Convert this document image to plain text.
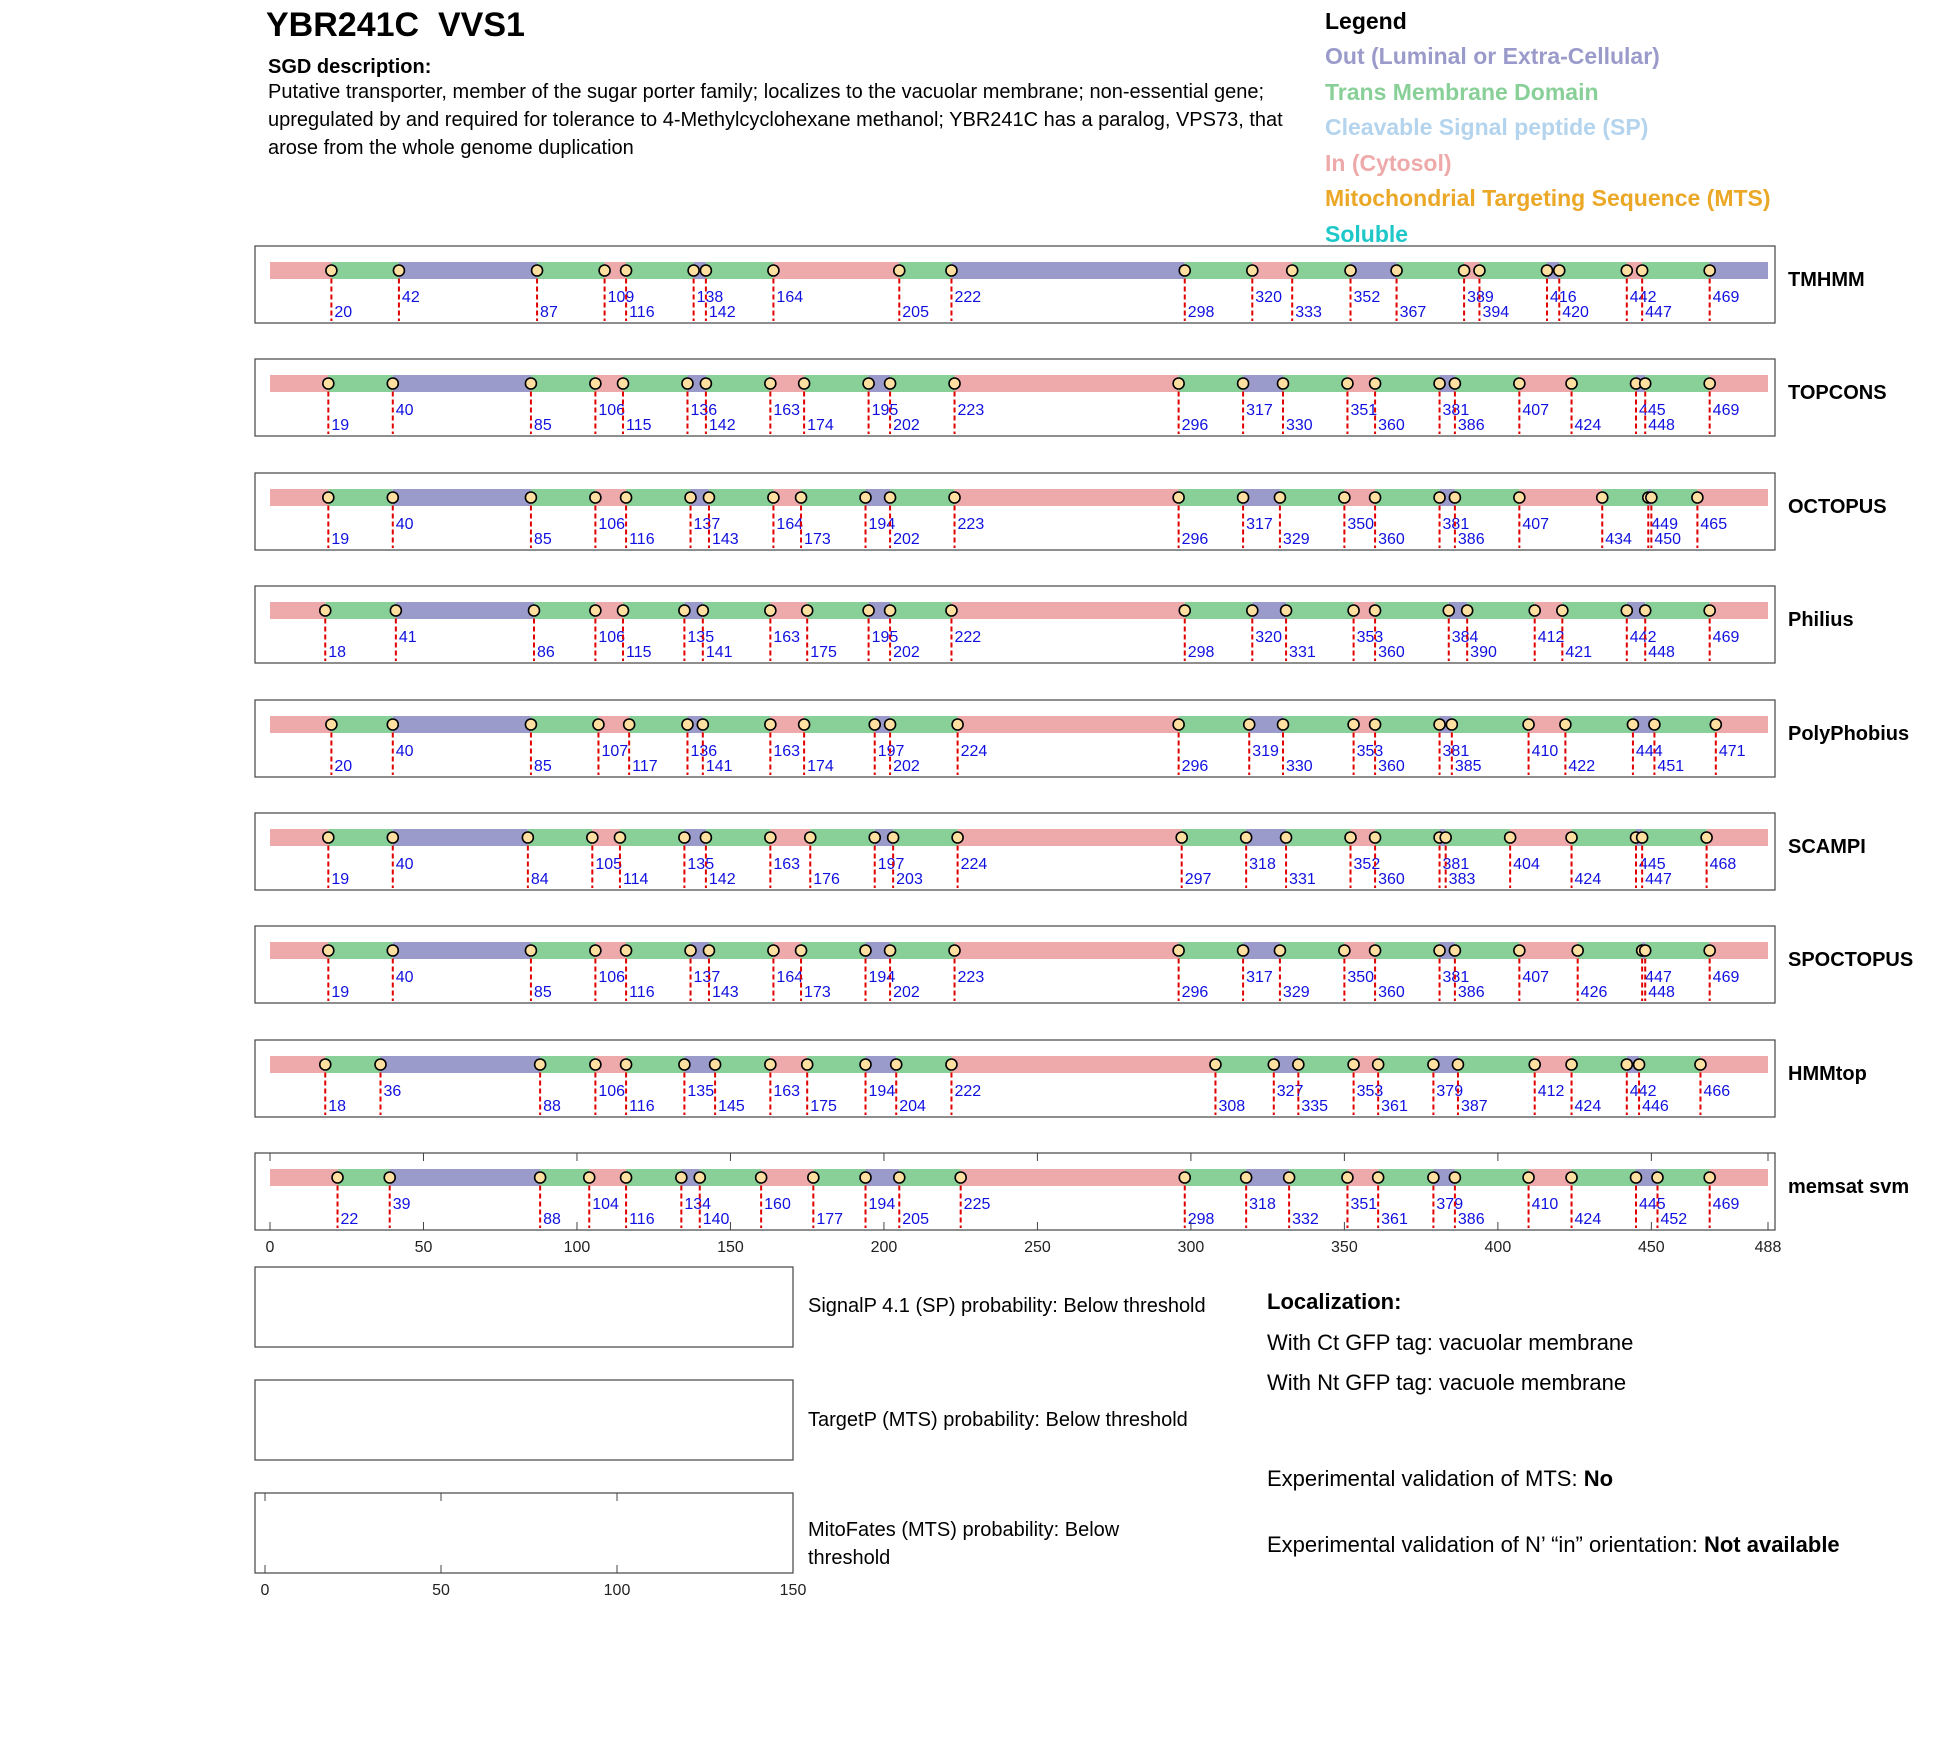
YBR241C  VVS1
SGD description:
Putative transporter, member of the sugar porter family; localizes to the vacuolar membrane; non-essential gene; upregulated by and required for tolerance to 4-Methylcyclohexane methanol; YBR241C has a paralog, VPS73, that arose from the whole genome duplication
Legend
Out (Luminal or Extra-Cellular)
Trans Membrane Domain
Cleavable Signal peptide (SP)
In (Cytosol)
Mitochondrial Targeting Sequence (MTS)
Soluble
20
42
87
109
116
138
142
164
205
222
298
320
333
352
367
389
394
416
420
442
447
469
TMHMM
19
40
85
106
115
136
142
163
174
195
202
223
296
317
330
351
360
381
386
407
424
445
448
469
TOPCONS
19
40
85
106
116
137
143
164
173
194
202
223
296
317
329
350
360
381
386
407
434
449
450
465
OCTOPUS
18
41
86
106
115
135
141
163
175
195
202
222
298
320
331
353
360
384
390
412
421
442
448
469
Philius
20
40
85
107
117
136
141
163
174
197
202
224
296
319
330
353
360
381
385
410
422
444
451
471
PolyPhobius
19
40
84
105
114
135
142
163
176
197
203
224
297
318
331
352
360
381
383
404
424
445
447
468
SCAMPI
19
40
85
106
116
137
143
164
173
194
202
223
296
317
329
350
360
381
386
407
426
447
448
469
SPOCTOPUS
18
36
88
106
116
135
145
163
175
194
204
222
308
327
335
353
361
379
387
412
424
442
446
466
HMMtop
22
39
88
104
116
134
140
160
177
194
205
225
298
318
332
351
361
379
386
410
424
445
452
469
memsat svm
0	50	100	150	200	250	300	350	400	450	488
0	50	100	150
SignalP 4.1 (SP) probability: Below threshold
TargetP (MTS) probability: Below threshold
MitoFates (MTS) probability: Below threshold
Localization:
With Ct GFP tag: vacuolar membrane
With Nt GFP tag: vacuole membrane
Experimental validation of MTS: No
Experimental validation of N’ “in” orientation: Not available
